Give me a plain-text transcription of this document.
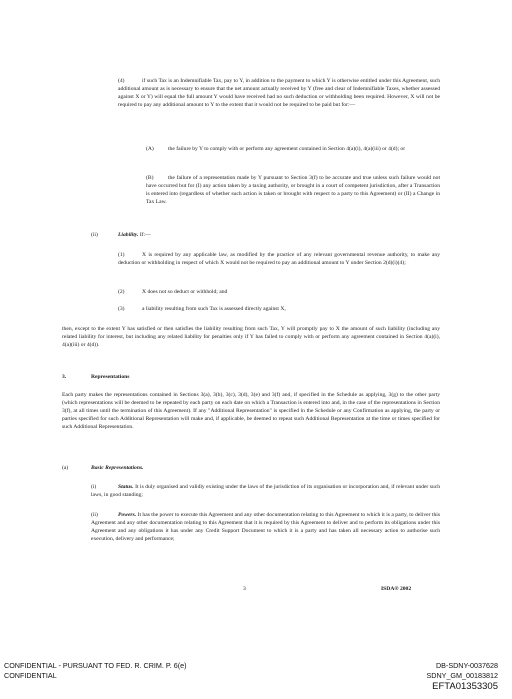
(4)	if such Tax is an Indemnifiable Tax, pay to Y, in addition to the payment to which Y is otherwise entitled under this Agreement, such additional amount as is necessary to ensure that the net amount actually received by Y (free and clear of Indemnifiable Taxes, whether assessed against X or Y) will equal the full amount Y would have received had no such deduction or withholding been required. However, X will not be required to pay any additional amount to Y to the extent that it would not be required to be paid but for:—

(A)	the failure by Y to comply with or perform any agreement contained in Section 4(a)(i), 4(a)(iii) or 4(d); or

(B)	the failure of a representation made by Y pursuant to Section 3(f) to be accurate and true unless such failure would not have occurred but for (I) any action taken by a taxing authority, or brought in a court of competent jurisdiction, after a Transaction is entered into (regardless of whether such action is taken or brought with respect to a party to this Agreement) or (II) a Change in Tax Law.

(ii)	Liability. If:—
(1)	X is required by any applicable law, as modified by the practice of any relevant governmental revenue authority, to make any deduction or withholding in respect of which X would not be required to pay an additional amount to Y under Section 2(d)(i)(4);

(2)	X does not so deduct or withhold; and

(3)	a liability resulting from such Tax is assessed directly against X,

then, except to the extent Y has satisfied or then satisfies the liability resulting from such Tax, Y will promptly pay to X the amount of such liability (including any related liability for interest, but including any related liability for penalties only if Y has failed to comply with or perform any agreement contained in Section 4(a)(i), 4(a)(iii) or 4(d)).

3.	Representations

Each party makes the representations contained in Sections 3(a), 3(b), 3(c), 3(d), 3(e) and 3(f) and, if specified in the Schedule as applying, 3(g) to the other party (which representations will be deemed to be repeated by each party on each date on which a Transaction is entered into and, in the case of the representations in Section 3(f), at all times until the termination of this Agreement). If any "Additional Representation" is specified in the Schedule or any Confirmation as applying, the party or parties specified for such Additional Representation will make and, if applicable, be deemed to repeat such Additional Representation at the time or times specified for such Additional Representation.

(a)	Basic Representations.

(i)	Status. It is duly organised and validly existing under the laws of the jurisdiction of its organisation or incorporation and, if relevant under such laws, in good standing;

(ii)	Powers. It has the power to execute this Agreement and any other documentation relating to this Agreement to which it is a party, to deliver this Agreement and any other documentation relating to this Agreement that it is required by this Agreement to deliver and to perform its obligations under this Agreement and any obligations it has under any Credit Support Document to which it is a party and has taken all necessary action to authorise such execution, delivery and performance;

3	ISDA® 2002
CONFIDENTIAL - PURSUANT TO FED. R. CRIM. P. 6(e)
CONFIDENTIAL
DB-SDNY-0037628
SDNY_GM_00183812
EFTA01353305
